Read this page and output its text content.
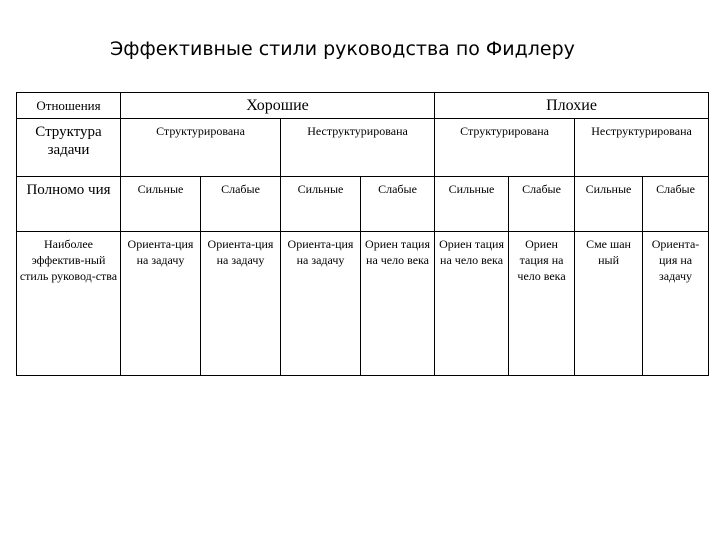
Эффективные стили руководства по Фидлеру
Отношения	Хорошие				Плохие			
Структура задачи	Структурирована		Неструктурирована		Структурирована		Неструктурирована	
Полномо чия	Сильные	Слабые	Сильные	Слабые	Сильные	Слабые	Сильные	Слабые
Наиболее эффектив-ный стиль руковод-ства	Ориента-ция на задачу	Ориента-ция на задачу	Ориента-ция на задачу	Ориен тация на чело века	Ориен тация на чело века	Ориен тация на чело века	Сме шан ный	Ориента-ция на задачу
